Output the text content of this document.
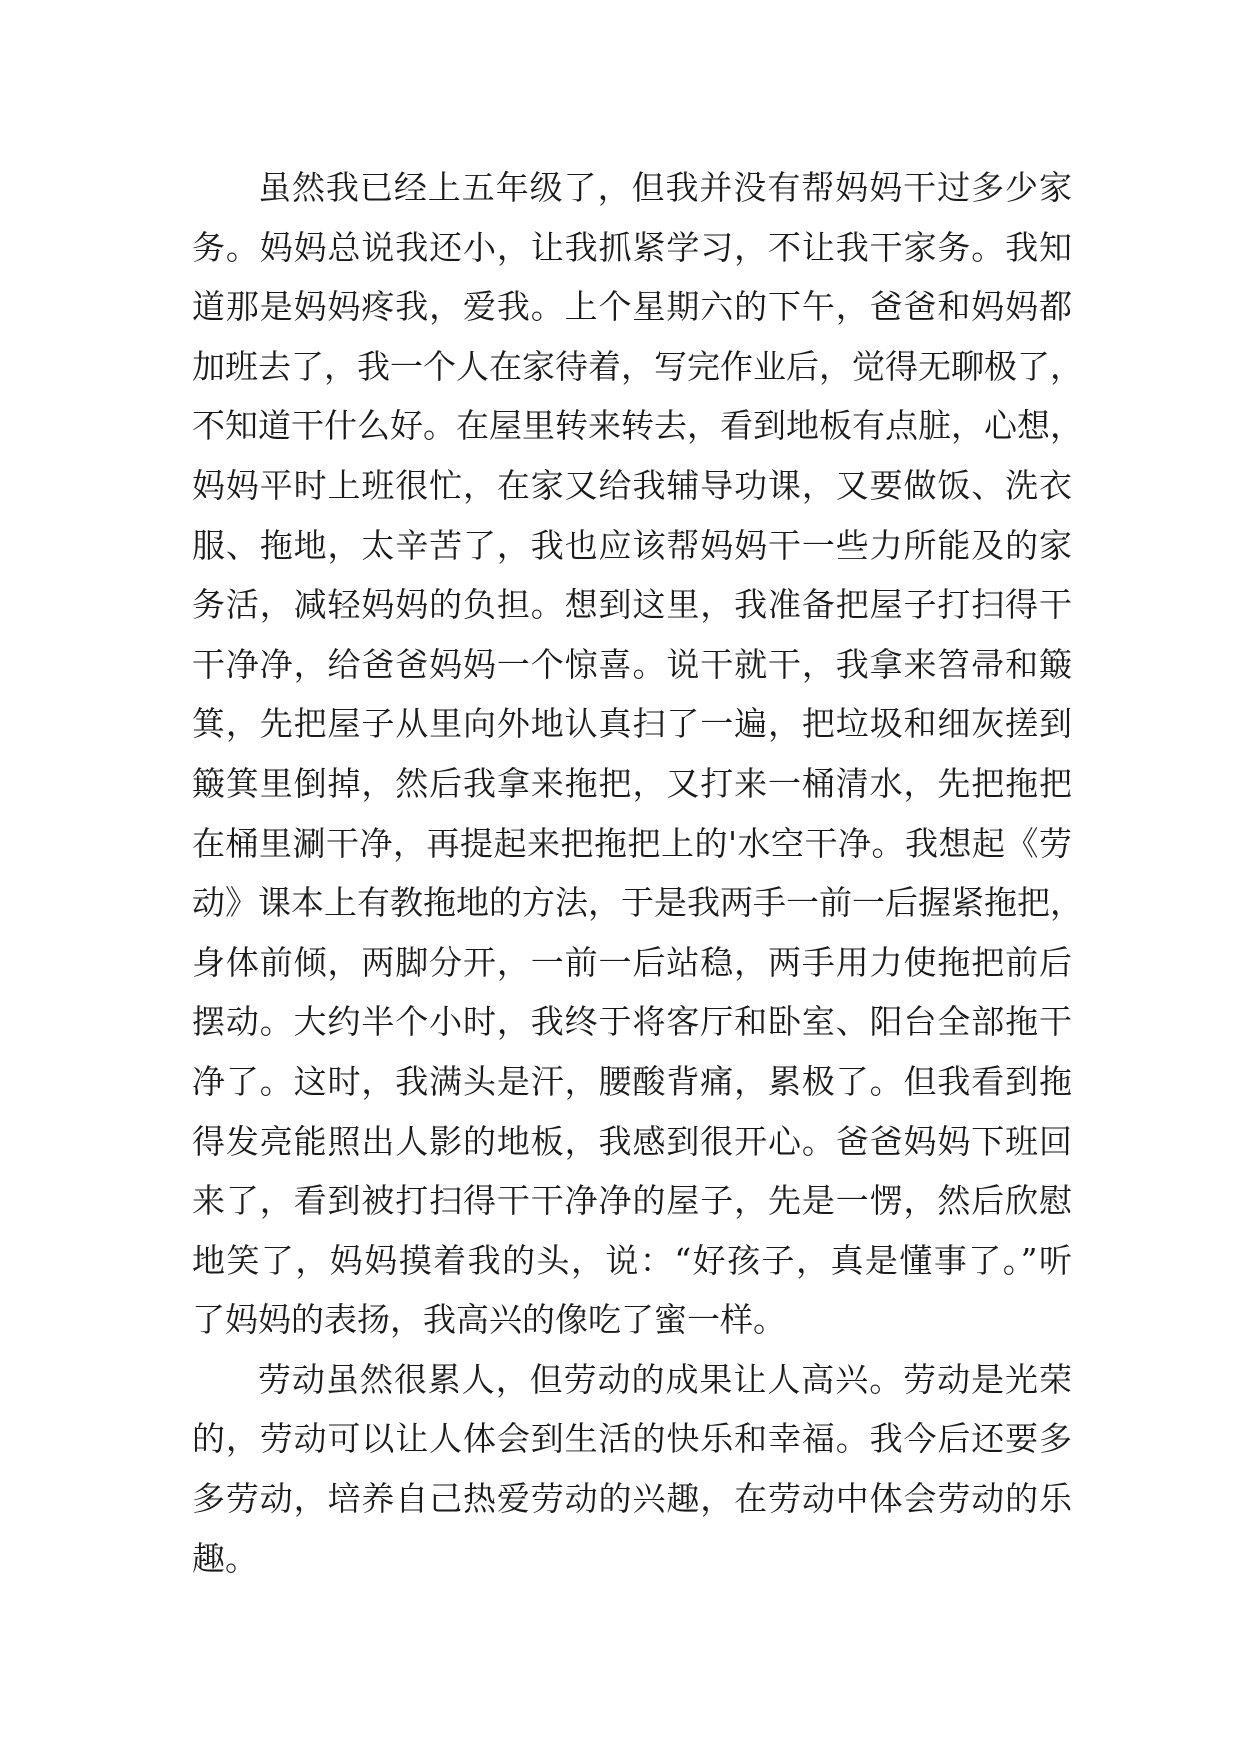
虽然我已经上五年级了，但我并没有帮妈妈干过多少家
务。妈妈总说我还小，让我抓紧学习，不让我干家务。我知
道那是妈妈疼我，爱我。上个星期六的下午，爸爸和妈妈都
加班去了，我一个人在家待着，写完作业后，觉得无聊极了，
不知道干什么好。在屋里转来转去，看到地板有点脏，心想，
妈妈平时上班很忙，在家又给我辅导功课，又要做饭、洗衣
服、拖地，太辛苦了，我也应该帮妈妈干一些力所能及的家
务活，减轻妈妈的负担。想到这里，我准备把屋子打扫得干
干净净，给爸爸妈妈一个惊喜。说干就干，我拿来笤帚和簸
箕，先把屋子从里向外地认真扫了一遍，把垃圾和细灰搓到
簸箕里倒掉，然后我拿来拖把，又打来一桶清水，先把拖把
在桶里涮干净，再提起来把拖把上的'水空干净。我想起《劳
动》课本上有教拖地的方法，于是我两手一前一后握紧拖把，
身体前倾，两脚分开，一前一后站稳，两手用力使拖把前后
摆动。大约半个小时，我终于将客厅和卧室、阳台全部拖干
净了。这时，我满头是汗，腰酸背痛，累极了。但我看到拖
得发亮能照出人影的地板，我感到很开心。爸爸妈妈下班回
来了，看到被打扫得干干净净的屋子，先是一愣，然后欣慰
地笑了，妈妈摸着我的头，说：“好孩子，真是懂事了。”听
了妈妈的表扬，我高兴的像吃了蜜一样。
劳动虽然很累人，但劳动的成果让人高兴。劳动是光荣
的，劳动可以让人体会到生活的快乐和幸福。我今后还要多
多劳动，培养自己热爱劳动的兴趣，在劳动中体会劳动的乐
趣。
